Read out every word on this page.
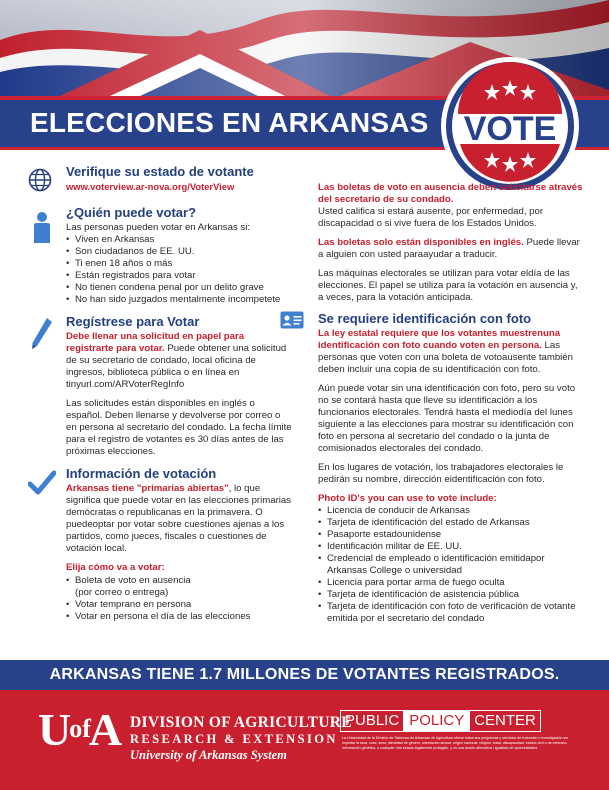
ELECCIONES EN ARKANSAS VOTE
Verifique su estado de votante
www.voterview.ar-nova.org/VoterView
¿Quién puede votar?
Las personas pueden votar en Arkansas si:
• Viven en Arkansas
• Son ciudadanos de EE. UU.
• Ti enen 18 años o más
• Están registrados para votar
• No tienen condena penal por un delito grave
• No han sido juzgados mentalmente incompetete
Regístrese para Votar

Debe llenar una solicitud en papel para registrarte para votar. Puede obtener una solicitud de su secretario de condado, local oficina de ingresos, biblioteca pública o en línea en tinyurl.com/ARVoterRegInfo

Las solicitudes están disponibles en inglés o español. Deben llenarse y devolverse por correo o en persona al secretario del condado. La fecha límite para el registro de votantes es 30 días antes de las próximas elecciones.

Información de votación

Arkansas tiene "primarias abiertas", lo que significa que puede votar en las elecciones primarias demócratas o republicanas en la primavera. O puedeoptar por votar sobre cuestiones ajenas a los partidos, como jueces, fiscales o cuestiones de votación local.

Elija cómo va a votar:
• Boleta de voto en ausencia
(por correo o entrega)
• Votar temprano en persona
• Votar en persona el día de las elecciones
Las boletas de voto en ausencia deben solicitarse através del secretario de su condado.

Usted califica si estará ausente, por enfermedad, por discapacidad o si vive fuera de los Estados Unidos.

Las boletas solo están disponibles en inglés. Puede llevar a alguien con usted paraayudar a traducir.

Las máquinas electorales se utilizan para votar eldía de las elecciones. El papel se utiliza para la votación en ausencia y, a veces, para la votación anticipada.

Se requiere identificación con foto

La ley estatal requiere que los votantes muestrenuna identificación con foto cuando voten en persona. Las personas que voten con una boleta de votoausente también deben incluir una copia de su identificación con foto.

Aún puede votar sin una identificación con foto, pero su voto no se contará hasta que lleve su identificación a los funcionarios electorales. Tendrá hasta el mediodía del lunes siguiente a las elecciones para mostrar su identificación con foto en persona al secretario del condado o la junta de comisionados electorales del condado.

En los lugares de votación, los trabajadores electorales le pedirán su nombre, dirección eidentificación con foto.

Photo ID's you can use to vote include:
• Licencia de conducir de Arkansas
• Tarjeta de identificación del estado de Arkansas
• Pasaporte estadounidense
• Identificación militar de EE. UU.
• Credencial de empleado o identificación emitidapor Arkansas College o universidad
• Licencia para portar arma de fuego oculta
• Tarjeta de identificación de asistencia pública
• Tarjeta de identificación con foto de verificación de votante emitida por el secretario del condado
ARKANSAS TIENE 1.7 MILLONES DE VOTANTES REGISTRADOS.
UofA DIVISION OF AGRICULTURE
RESEARCH & EXTENSION
University of Arkansas System
PUBLIC POLICY CENTER
La Universidad de la División de Sistemas de Arkansas de Agricultura ofrece todos sus programas y servicios de extensión e investigación sin importar la raza, color, sexo, identidad de género, orientación sexual, origen nacional, religión, edad, discapacidad, estado civil o de veterano, información genética, o cualquier otro estado legalmente protegido, y es una acción afirmativa / igualdad de oportunidades.
